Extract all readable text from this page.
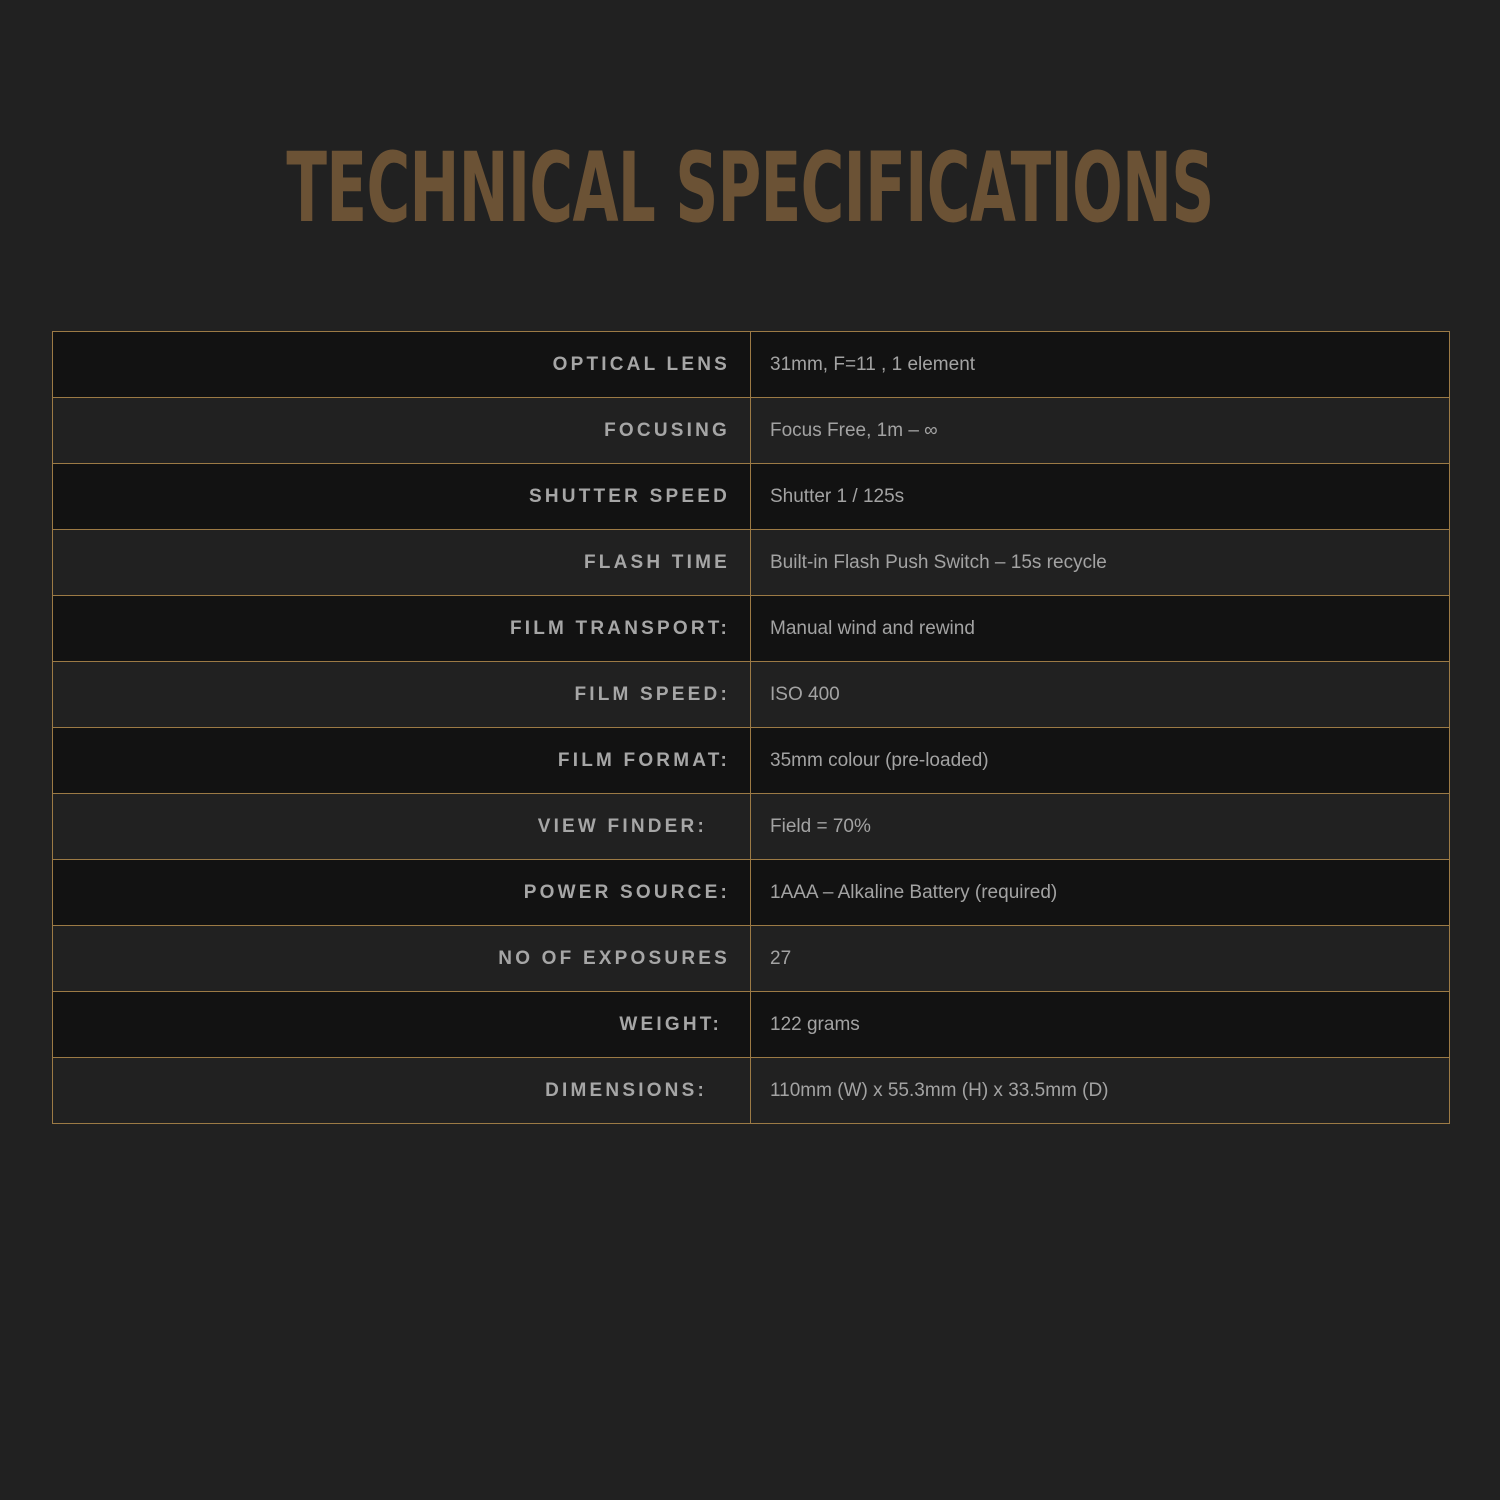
TECHNICAL SPECIFICATIONS
OPTICAL LENS	31mm, F=11 , 1 element
FOCUSING	Focus Free, 1m – ∞
SHUTTER SPEED	Shutter 1 / 125s
FLASH TIME	Built-in Flash Push Switch – 15s recycle
FILM TRANSPORT:	Manual wind and rewind
FILM SPEED:	ISO 400
FILM FORMAT:	35mm colour (pre-loaded)
VIEW FINDER:	Field = 70%
POWER SOURCE:	1AAA – Alkaline Battery (required)
NO OF EXPOSURES	27
WEIGHT:	122 grams
DIMENSIONS:	110mm (W) x 55.3mm (H) x 33.5mm (D)
